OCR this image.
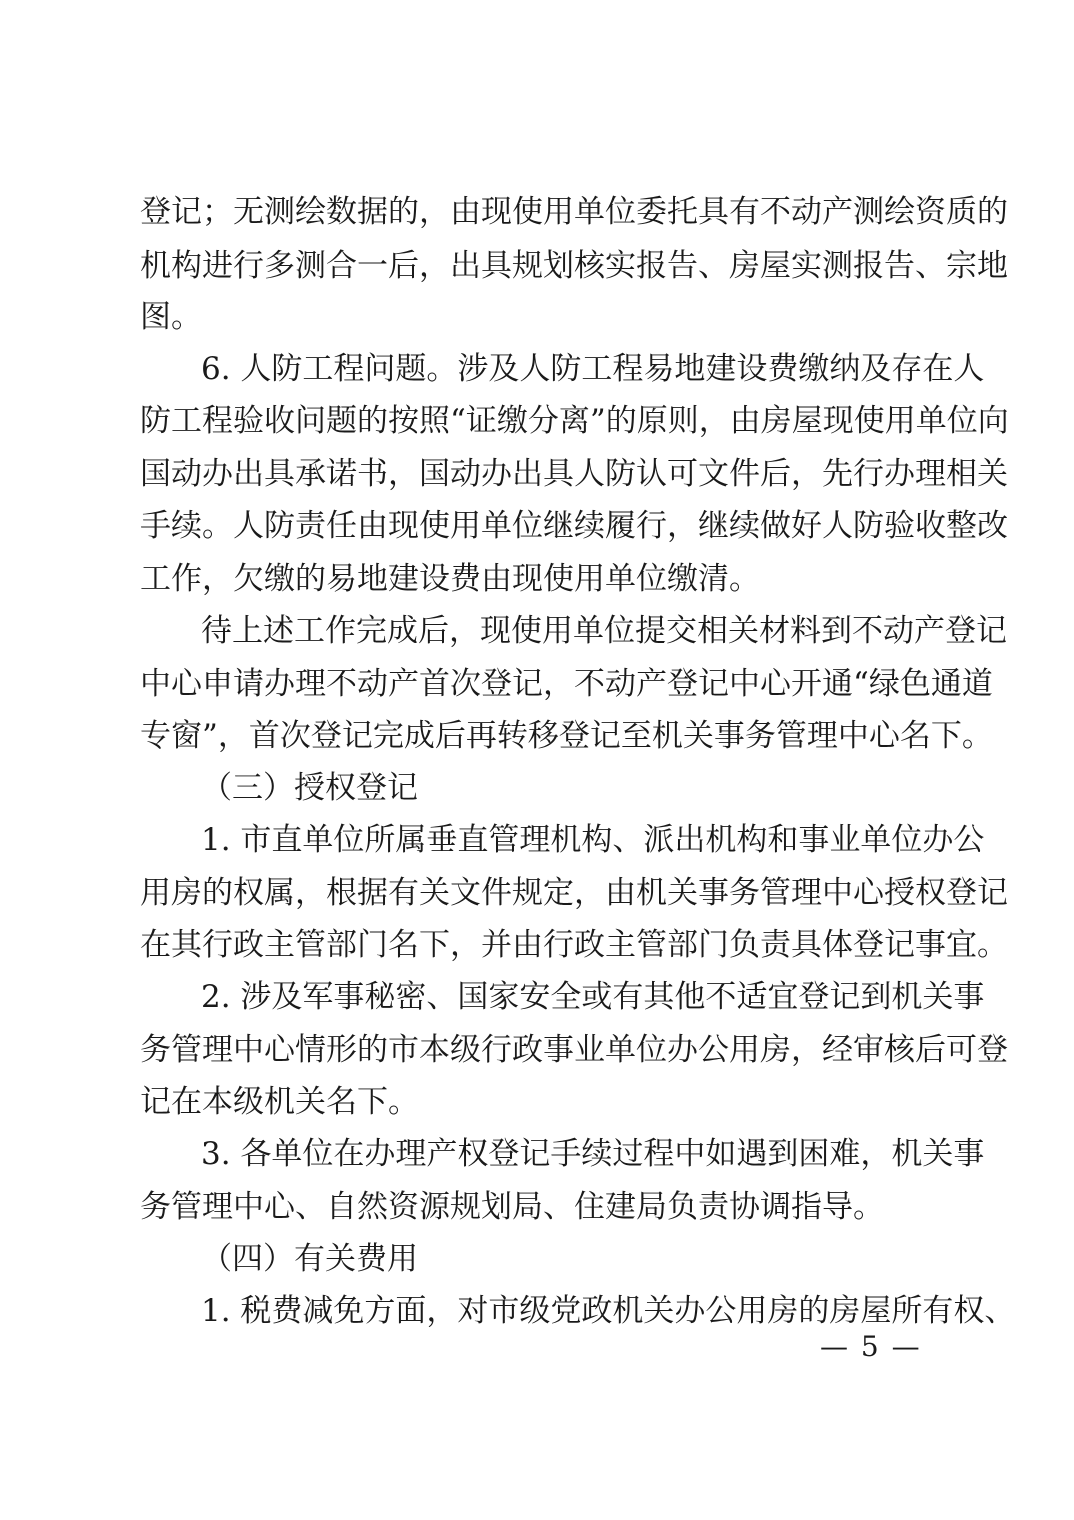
登记；无测绘数据的，由现使用单位委托具有不动产测绘资质的
机构进行多测合一后，出具规划核实报告、房屋实测报告、宗地
图。
6. 人防工程问题。涉及人防工程易地建设费缴纳及存在人
防工程验收问题的按照“证缴分离”的原则，由房屋现使用单位向
国动办出具承诺书，国动办出具人防认可文件后，先行办理相关
手续。人防责任由现使用单位继续履行，继续做好人防验收整改
工作，欠缴的易地建设费由现使用单位缴清。
待上述工作完成后，现使用单位提交相关材料到不动产登记
中心申请办理不动产首次登记，不动产登记中心开通“绿色通道
专窗”，首次登记完成后再转移登记至机关事务管理中心名下。
（三）授权登记
1. 市直单位所属垂直管理机构、派出机构和事业单位办公
用房的权属，根据有关文件规定，由机关事务管理中心授权登记
在其行政主管部门名下，并由行政主管部门负责具体登记事宜。
2. 涉及军事秘密、国家安全或有其他不适宜登记到机关事
务管理中心情形的市本级行政事业单位办公用房，经审核后可登
记在本级机关名下。
3. 各单位在办理产权登记手续过程中如遇到困难，机关事
务管理中心、自然资源规划局、住建局负责协调指导。
（四）有关费用
1. 税费减免方面，对市级党政机关办公用房的房屋所有权、
— 5 —
